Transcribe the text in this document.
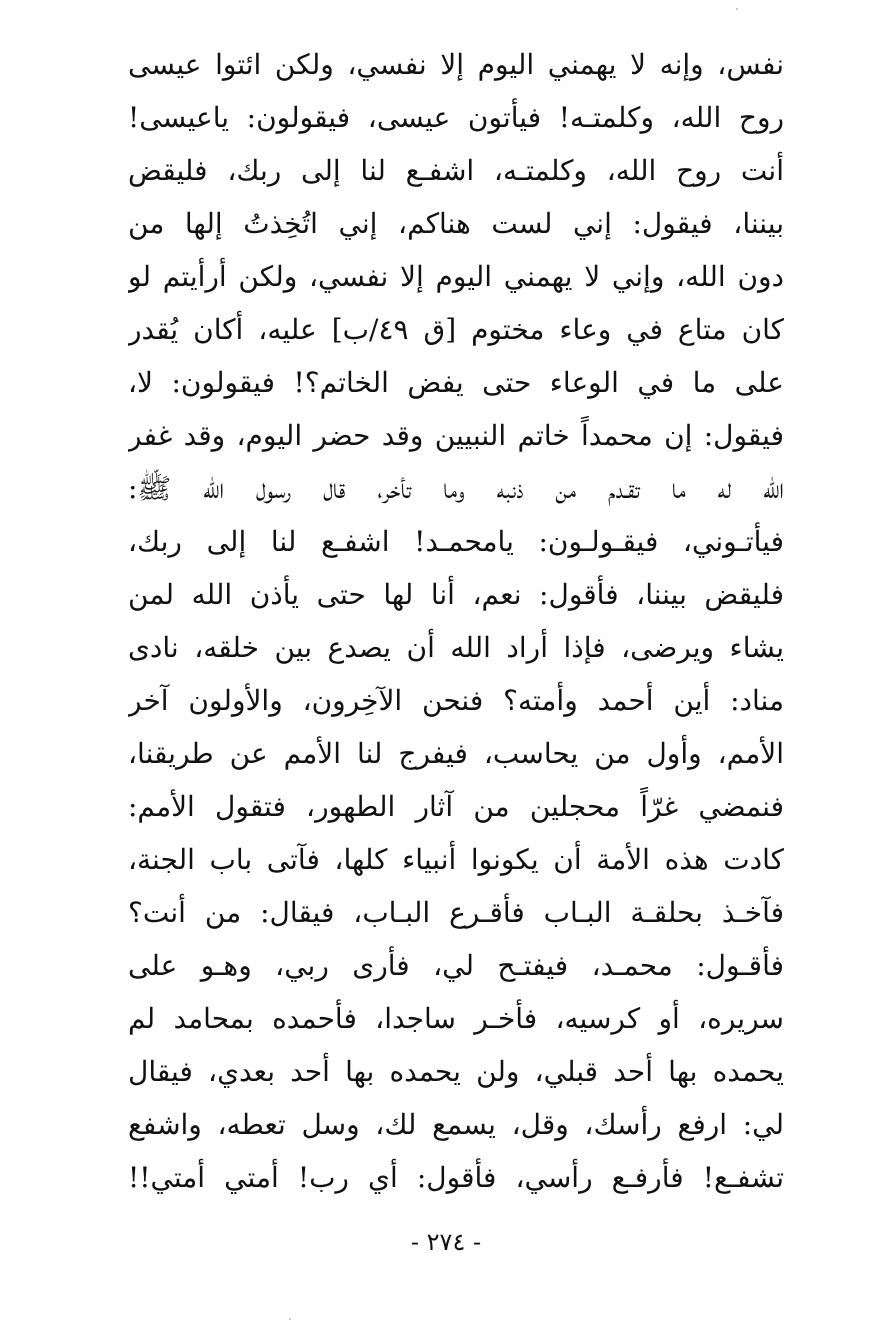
نفس، وإنه لا يهمني اليوم إلا نفسي، ولكن ائتوا عيسى
روح الله، وكلمتـه! فيأتون عيسى، فيقولون: ياعيسى!
أنت روح الله، وكلمتـه، اشفـع لنا إلى ربك، فليقض
بيننا، فيقول: إني لست هناكم، إني اتُخِذتُ إلها من
دون الله، وإني لا يهمني اليوم إلا نفسي، ولكن أرأيتم لو
كان متاع في وعاء مختوم [ق ٤٩/ب] عليه، أكان يُقدر
على ما في الوعاء حتى يفض الخاتم؟! فيقولون: لا،
فيقول: إن محمداً خاتم النبيين وقد حضر اليوم، وقد غفر
الله له ما تقـدم من ذنبه وما تأخر، قال رسول الله ﷺ:
فيأتـوني، فيقـولـون: يامحمـد! اشفـع لنا إلى ربك،
فليقض بيننا، فأقول: نعم، أنا لها حتى يأذن الله لمن
يشاء ويرضى، فإذا أراد الله أن يصدع بين خلقه، نادى
مناد: أين أحمد وأمته؟ فنحن الآخِرون، والأولون آخر
الأمم، وأول من يحاسب، فيفرج لنا الأمم عن طريقنا،
فنمضي غرّاً محجلين من آثار الطهور، فتقول الأمم:
كادت هذه الأمة أن يكونوا أنبياء كلها، فآتى باب الجنة،
فآخـذ بحلقـة البـاب فأقـرع البـاب، فيقال: من أنت؟
فأقـول: محمـد، فيفتـح لي، فأرى ربي، وهـو على
سريره، أو كرسيه، فأخـر ساجدا، فأحمده بمحامد لم
يحمده بها أحد قبلي، ولن يحمده بها أحد بعدي، فيقال
لي: ارفع رأسك، وقل، يسمع لك، وسل تعطه، واشفع
تشفـع! فأرفـع رأسي، فأقول: أي رب! أمتي أمتي!!
- ٢٧٤ -
